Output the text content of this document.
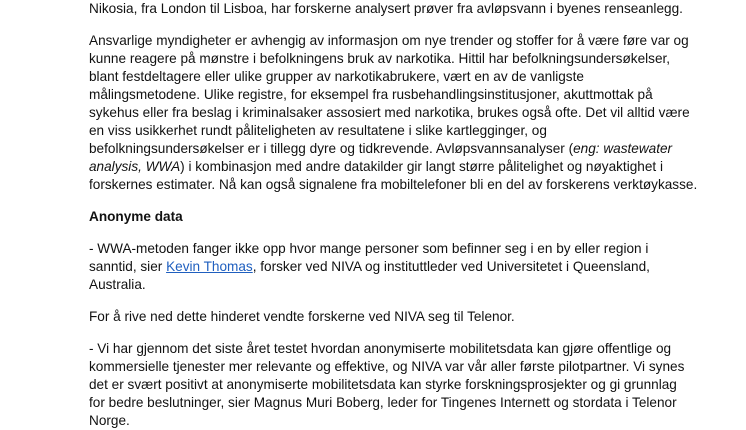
Nikosia, fra London til Lisboa, har forskerne analysert prøver fra avløpsvann i byenes renseanlegg.
Ansvarlige myndigheter er avhengig av informasjon om nye trender og stoffer for å være føre var og
kunne reagere på mønstre i befolkningens bruk av narkotika. Hittil har befolkningsundersøkelser,
blant festdeltagere eller ulike grupper av narkotikabrukere, vært en av de vanligste
målingsmetodene. Ulike registre, for eksempel fra rusbehandlingsinstitusjoner, akuttmottak på
sykehus eller fra beslag i kriminalsaker assosiert med narkotika, brukes også ofte. Det vil alltid være
en viss usikkerhet rundt påliteligheten av resultatene i slike kartlegginger, og
befolkningsundersøkelser er i tillegg dyre og tidkrevende. Avløpsvannsanalyser (eng: wastewater
analysis, WWA) i kombinasjon med andre datakilder gir langt større pålitelighet og nøyaktighet i
forskernes estimater. Nå kan også signalene fra mobiltelefoner bli en del av forskerens verktøykasse.
Anonyme data
- WWA-metoden fanger ikke opp hvor mange personer som befinner seg i en by eller region i
sanntid, sier Kevin Thomas, forsker ved NIVA og instituttleder ved Universitetet i Queensland,
Australia.
For å rive ned dette hinderet vendte forskerne ved NIVA seg til Telenor.
- Vi har gjennom det siste året testet hvordan anonymiserte mobilitetsdata kan gjøre offentlige og
kommersielle tjenester mer relevante og effektive, og NIVA var vår aller første pilotpartner. Vi synes
det er svært positivt at anonymiserte mobilitetsdata kan styrke forskningsprosjekter og gi grunnlag
for bedre beslutninger, sier Magnus Muri Boberg, leder for Tingenes Internett og stordata i Telenor
Norge.
